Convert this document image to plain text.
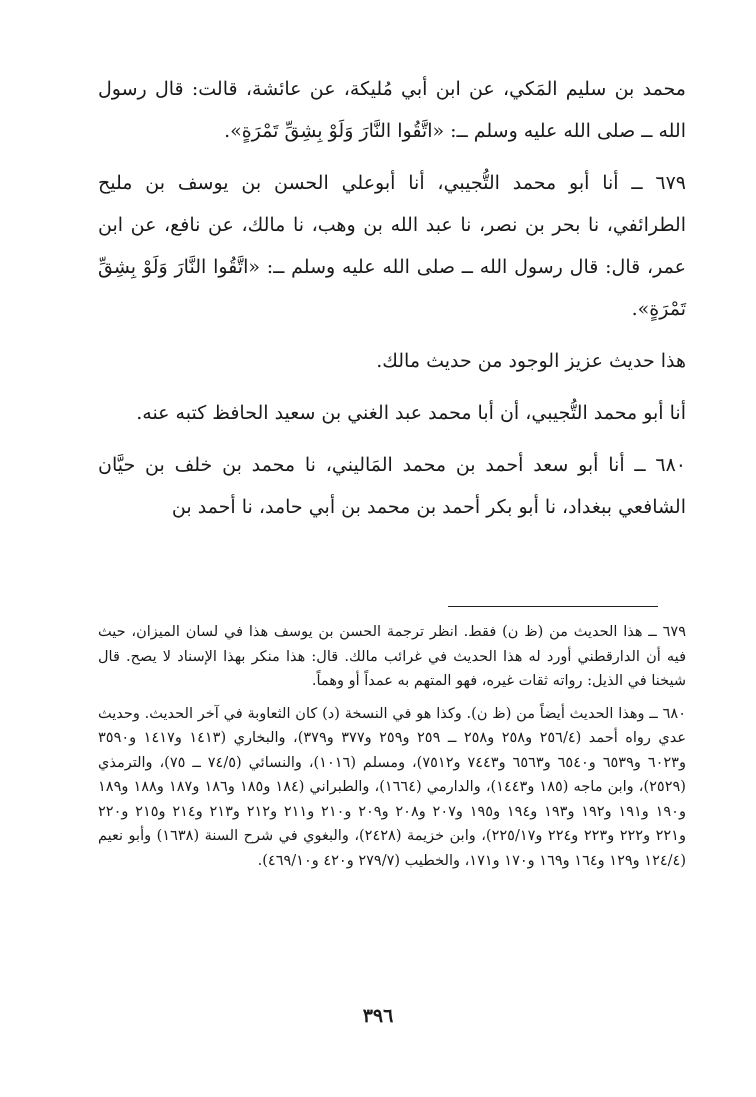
محمد بن سليم المَكي، عن ابن أبي مُليكة، عن عائشة، قالت: قال رسول الله ــ صلى الله عليه وسلم ــ: «اتَّقُوا النَّارَ وَلَوْ بِشِقِّ تَمْرَةٍ».

٦٧٩ ــ أنا أبو محمد التُّجيبي، أنا أبوعلي الحسن بن يوسف بن مليح الطرائفي، نا بحر بن نصر، نا عبد الله بن وهب، نا مالك، عن نافع، عن ابن عمر، قال: قال رسول الله ــ صلى الله عليه وسلم ــ: «اتَّقُوا النَّارَ وَلَوْ بِشِقِّ تَمْرَةٍ».

هذا حديث عزيز الوجود من حديث مالك.

أنا أبو محمد التُّجيبي، أن أبا محمد عبد الغني بن سعيد الحافظ كتبه عنه.

٦٨٠ ــ أنا أبو سعد أحمد بن محمد المَاليني، نا محمد بن خلف بن حيَّان الشافعي ببغداد، نا أبو بكر أحمد بن محمد بن أبي حامد، نا أحمد بن

٦٧٩ ــ هذا الحديث من (ظ ن) فقط. انظر ترجمة الحسن بن يوسف هذا في لسان الميزان، حيث فيه أن الدارقطني أورد له هذا الحديث في غرائب مالك. قال: هذا منكر بهذا الإسناد لا يصح. قال شيخنا في الذيل: رواته ثقات غيره، فهو المتهم به عمداً أو وهماً.

٦٨٠ ــ وهذا الحديث أيضاً من (ظ ن). وكذا هو في النسخة (د) كان الثعاوبة في آخر الحديث. وحديث عدي رواه أحمد (٢٥٦/٤ و٢٥٨ و٢٥٨ ــ ٢٥٩ و٢٥٩ و٣٧٧ و٣٧٩)، والبخاري (١٤١٣ و١٤١٧ و٣٥٩٠ و٦٠٢٣ و٦٥٣٩ و٦٥٤٠ و٦٥٦٣ و٧٤٤٣ و٧٥١٢)، ومسلم (١٠١٦)، والنسائي (٧٤/٥ ــ ٧٥)، والترمذي (٢٥٢٩)، وابن ماجه (١٨٥ و١٤٤٣)، والدارمي (١٦٦٤)، والطبراني (١٨٤ و١٨٥ و١٨٦ و١٨٧ و١٨٨ و١٨٩ و١٩٠ و١٩١ و١٩٢ و١٩٣ و١٩٤ و١٩٥ و٢٠٧ و٢٠٨ و٢٠٩ و٢١٠ و٢١١ و٢١٢ و٢١٣ و٢١٤ و٢١٥ و٢٢٠ و٢٢١ و٢٢٢ و٢٢٣ و٢٢٤ و٢٢٥/١٧)، وابن خزيمة (٢٤٢٨)، والبغوي في شرح السنة (١٦٣٨) وأبو نعيم (١٢٤/٤ و١٢٩ و١٦٤ و١٦٩ و١٧٠ و١٧١، والخطيب (٢٧٩/٧ و٤٢٠ و٤٦٩/١٠).

٣٩٦
